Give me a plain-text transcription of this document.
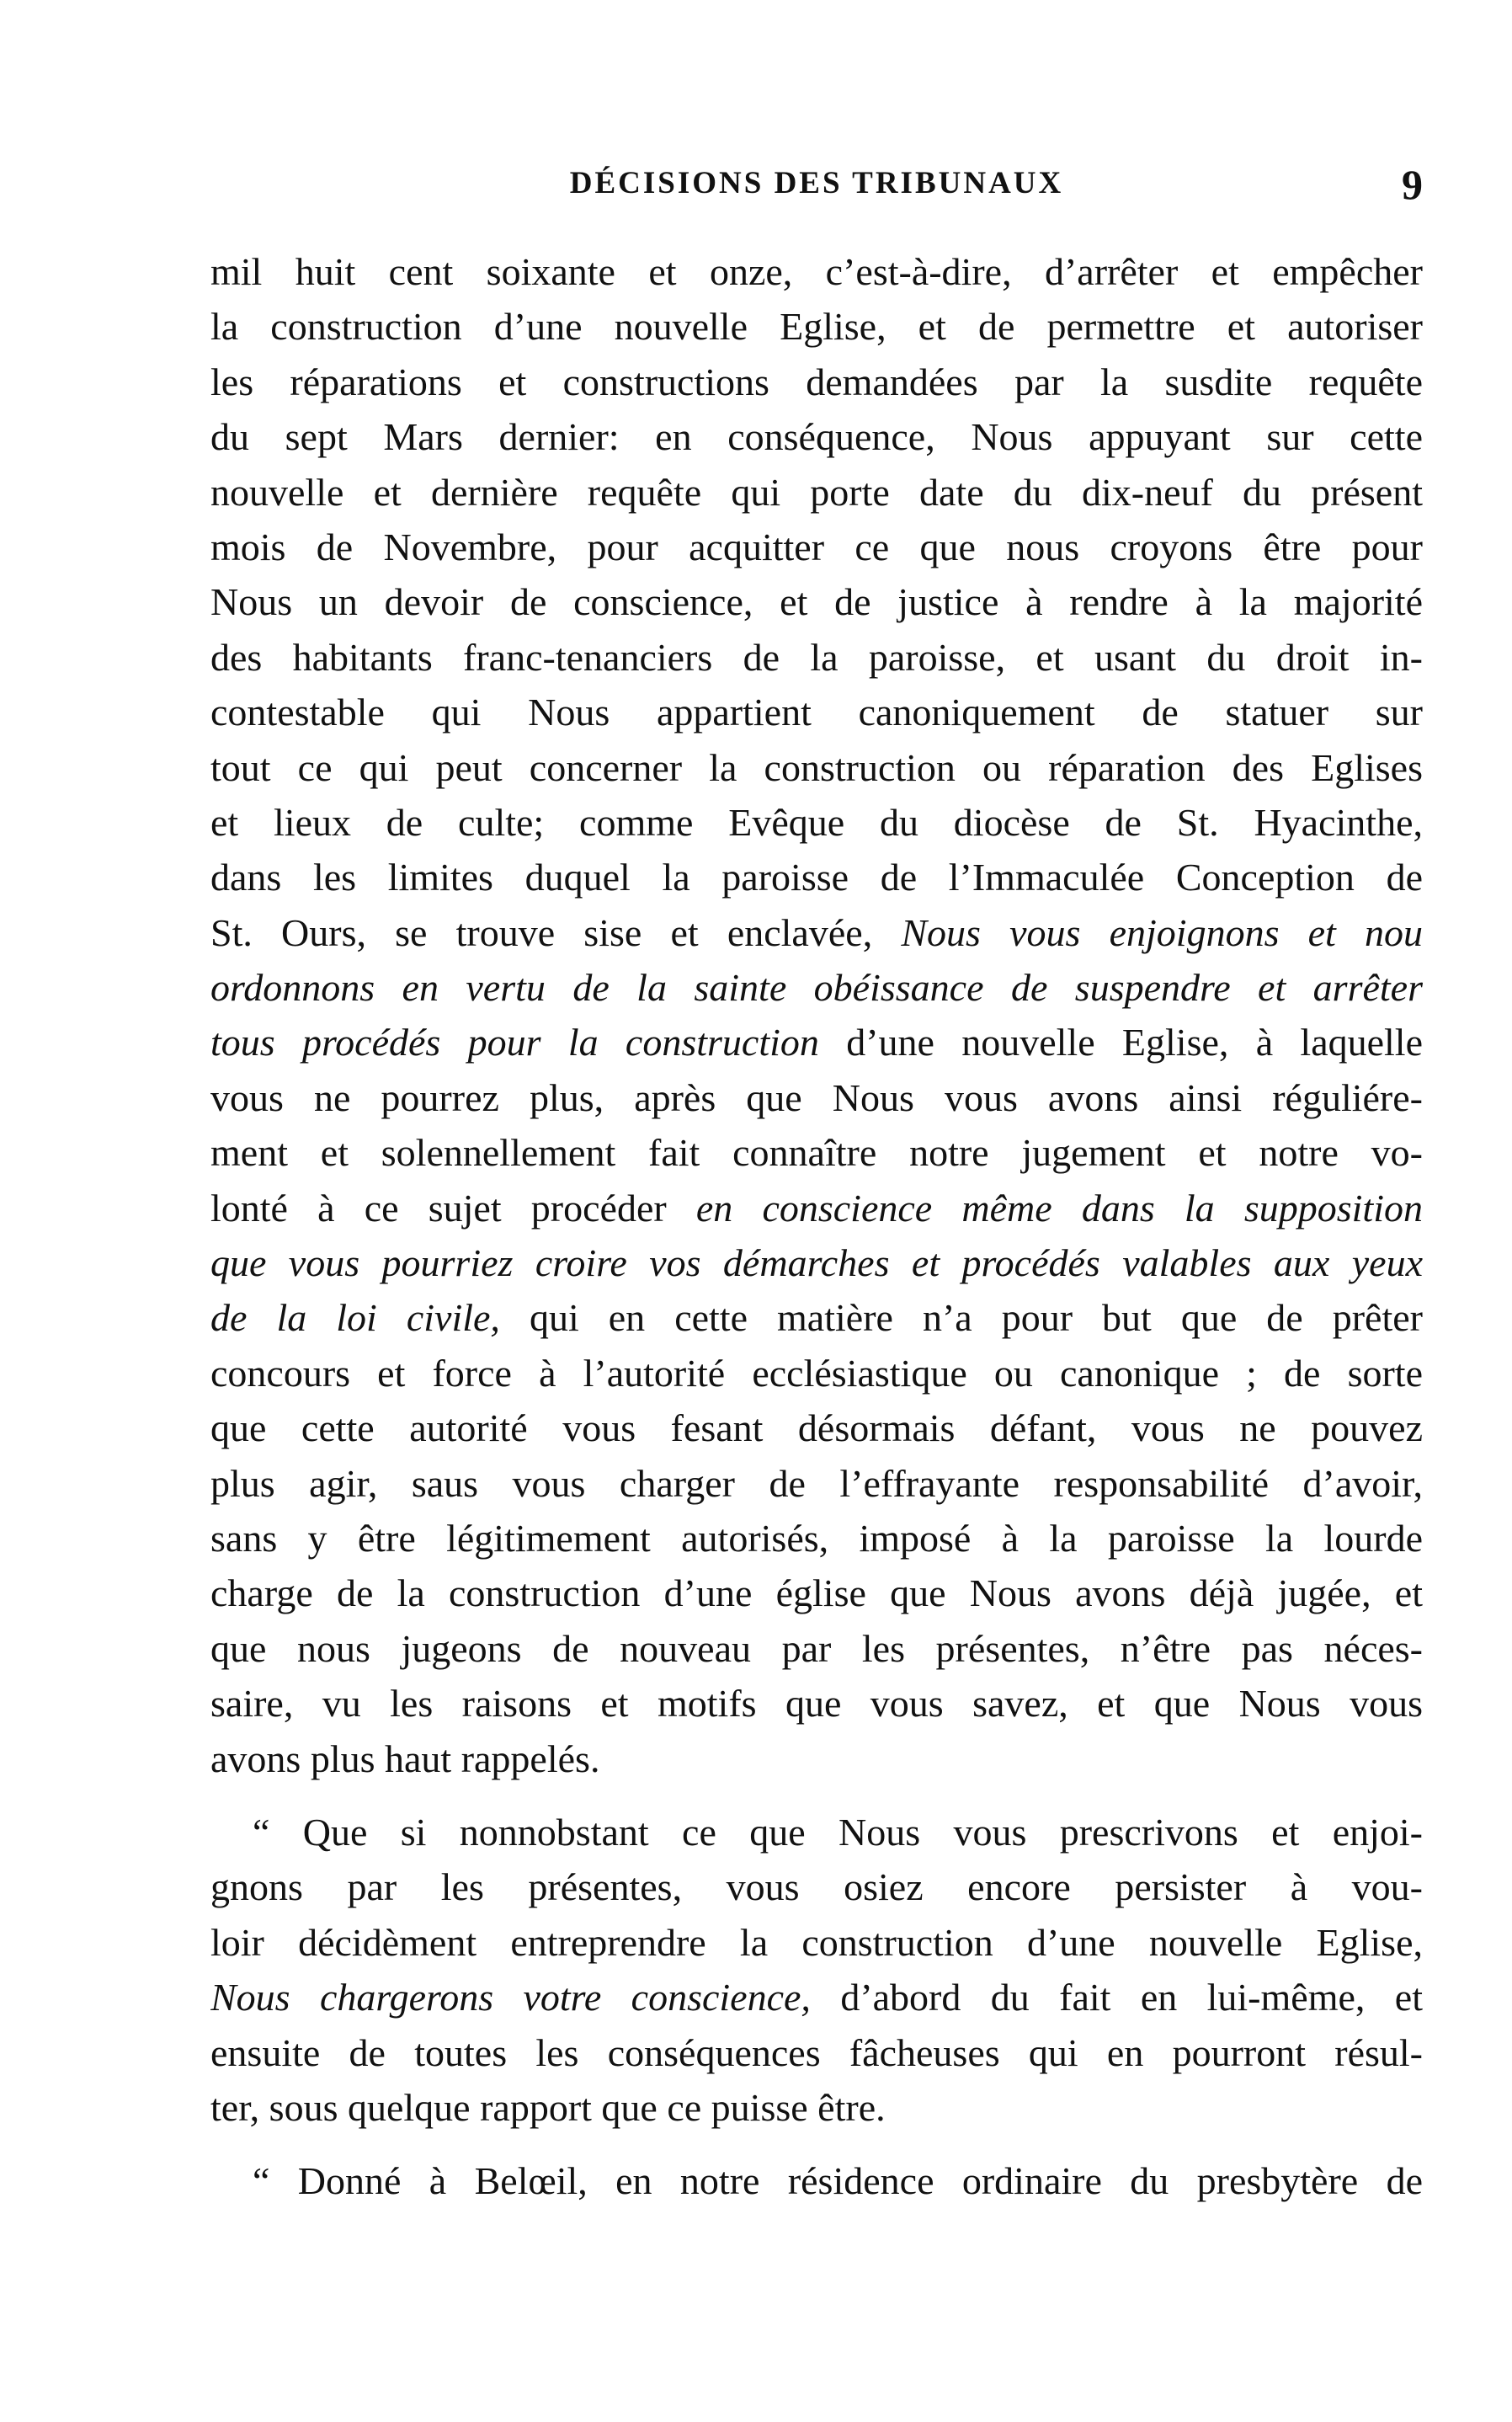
DÉCISIONS DES TRIBUNAUX	9
mil huit cent soixante et onze, c’est-à-dire, d’arrêter et empêcher
la construction d’une nouvelle Eglise, et de permettre et autoriser
les réparations et constructions demandées par la susdite requête
du sept Mars dernier: en conséquence, Nous appuyant sur cette
nouvelle et dernière requête qui porte date du dix-neuf du présent
mois de Novembre, pour acquitter ce que nous croyons être pour
Nous un devoir de conscience, et de justice à rendre à la majorité
des habitants franc-tenanciers de la paroisse, et usant du droit in-
contestable qui Nous appartient canoniquement de statuer sur
tout ce qui peut concerner la construction ou réparation des Eglises
et lieux de culte; comme Evêque du diocèse de St. Hyacinthe,
dans les limites duquel la paroisse de l’Immaculée Conception de
St. Ours, se trouve sise et enclavée, Nous vous enjoignons et nou
ordonnons en vertu de la sainte obéissance de suspendre et arrêter
tous procédés pour la construction d’une nouvelle Eglise, à laquelle
vous ne pourrez plus, après que Nous vous avons ainsi réguliére-
ment et solennellement fait connaître notre jugement et notre vo-
lonté à ce sujet procéder en conscience même dans la supposition
que vous pourriez croire vos démarches et procédés valables aux yeux
de la loi civile, qui en cette matière n’a pour but que de prêter
concours et force à l’autorité ecclésiastique ou canonique ; de sorte
que cette autorité vous fesant désormais défant, vous ne pouvez
plus agir, saus vous charger de l’effrayante responsabilité d’avoir,
sans y être légitimement autorisés, imposé à la paroisse la lourde
charge de la construction d’une église que Nous avons déjà jugée, et
que nous jugeons de nouveau par les présentes, n’être pas néces-
saire, vu les raisons et motifs que vous savez, et que Nous vous
avons plus haut rappelés.
“ Que si nonnobstant ce que Nous vous prescrivons et enjoi-
gnons par les présentes, vous osiez encore persister à vou-
loir décidèment entreprendre la construction d’une nouvelle Eglise,
Nous chargerons votre conscience, d’abord du fait en lui-même, et
ensuite de toutes les conséquences fâcheuses qui en pourront résul-
ter, sous quelque rapport que ce puisse être.
“ Donné à Belœil, en notre résidence ordinaire du presbytère de
